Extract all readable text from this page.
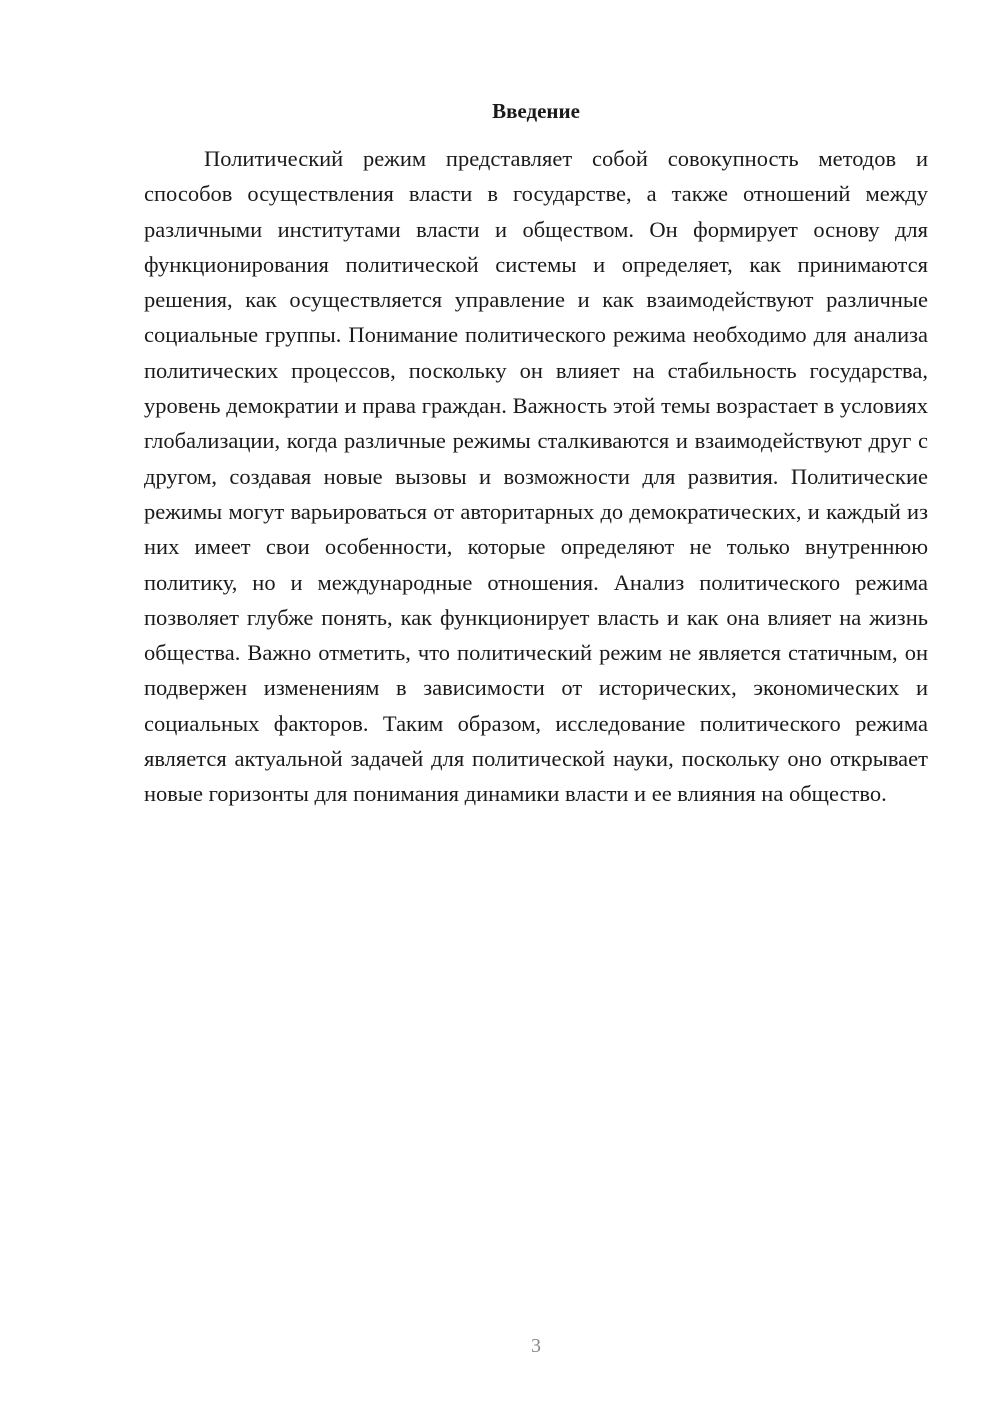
Введение

Политический режим представляет собой совокупность методов и способов осуществления власти в государстве, а также отношений между различными институтами власти и обществом. Он формирует основу для функционирования политической системы и определяет, как принимаются решения, как осуществляется управление и как взаимодействуют различные социальные группы. Понимание политического режима необходимо для анализа политических процессов, поскольку он влияет на стабильность государства, уровень демократии и права граждан. Важность этой темы возрастает в условиях глобализации, когда различные режимы сталкиваются и взаимодействуют друг с другом, создавая новые вызовы и возможности для развития. Политические режимы могут варьироваться от авторитарных до демократических, и каждый из них имеет свои особенности, которые определяют не только внутреннюю политику, но и международные отношения. Анализ политического режима позволяет глубже понять, как функционирует власть и как она влияет на жизнь общества. Важно отметить, что политический режим не является статичным, он подвержен изменениям в зависимости от исторических, экономических и социальных факторов. Таким образом, исследование политического режима является актуальной задачей для политической науки, поскольку оно открывает новые горизонты для понимания динамики власти и ее влияния на общество.

3
